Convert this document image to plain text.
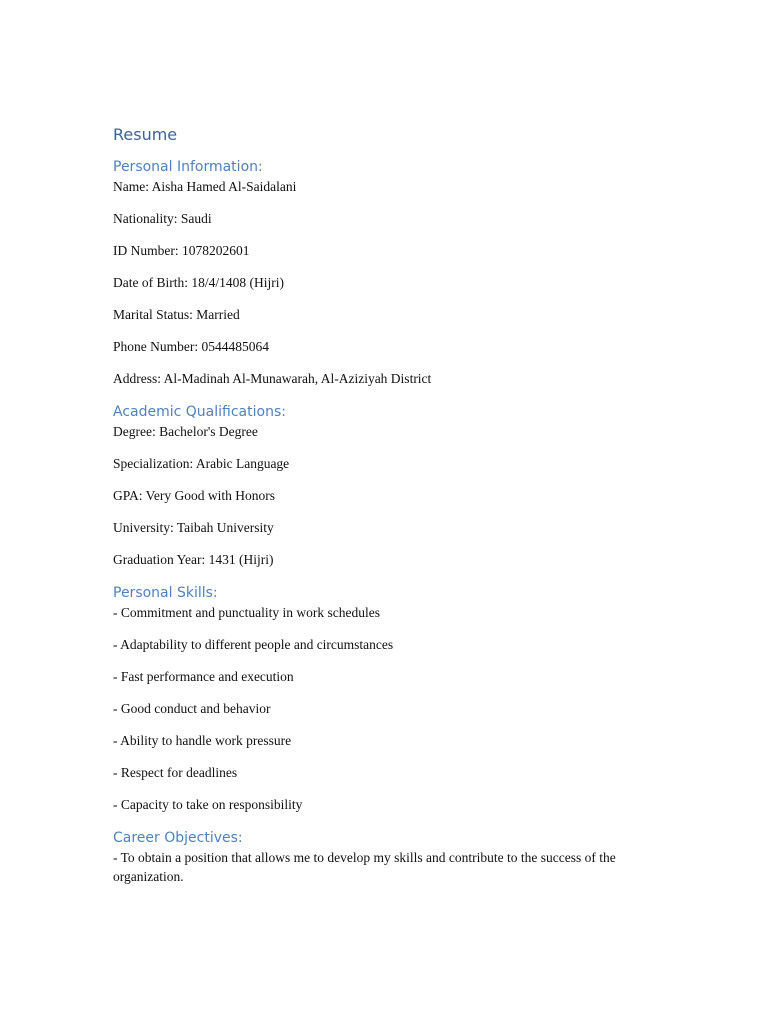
Resume
Personal Information:

Name: Aisha Hamed Al-Saidalani

Nationality: Saudi

ID Number: 1078202601

Date of Birth: 18/4/1408 (Hijri)

Marital Status: Married

Phone Number: 0544485064

Address: Al-Madinah Al-Munawarah, Al-Aziziyah District

Academic Qualifications:

Degree: Bachelor's Degree

Specialization: Arabic Language

GPA: Very Good with Honors

University: Taibah University

Graduation Year: 1431 (Hijri)

Personal Skills:

- Commitment and punctuality in work schedules

- Adaptability to different people and circumstances

- Fast performance and execution

- Good conduct and behavior

- Ability to handle work pressure

- Respect for deadlines

- Capacity to take on responsibility

Career Objectives:

- To obtain a position that allows me to develop my skills and contribute to the success of the organization.
